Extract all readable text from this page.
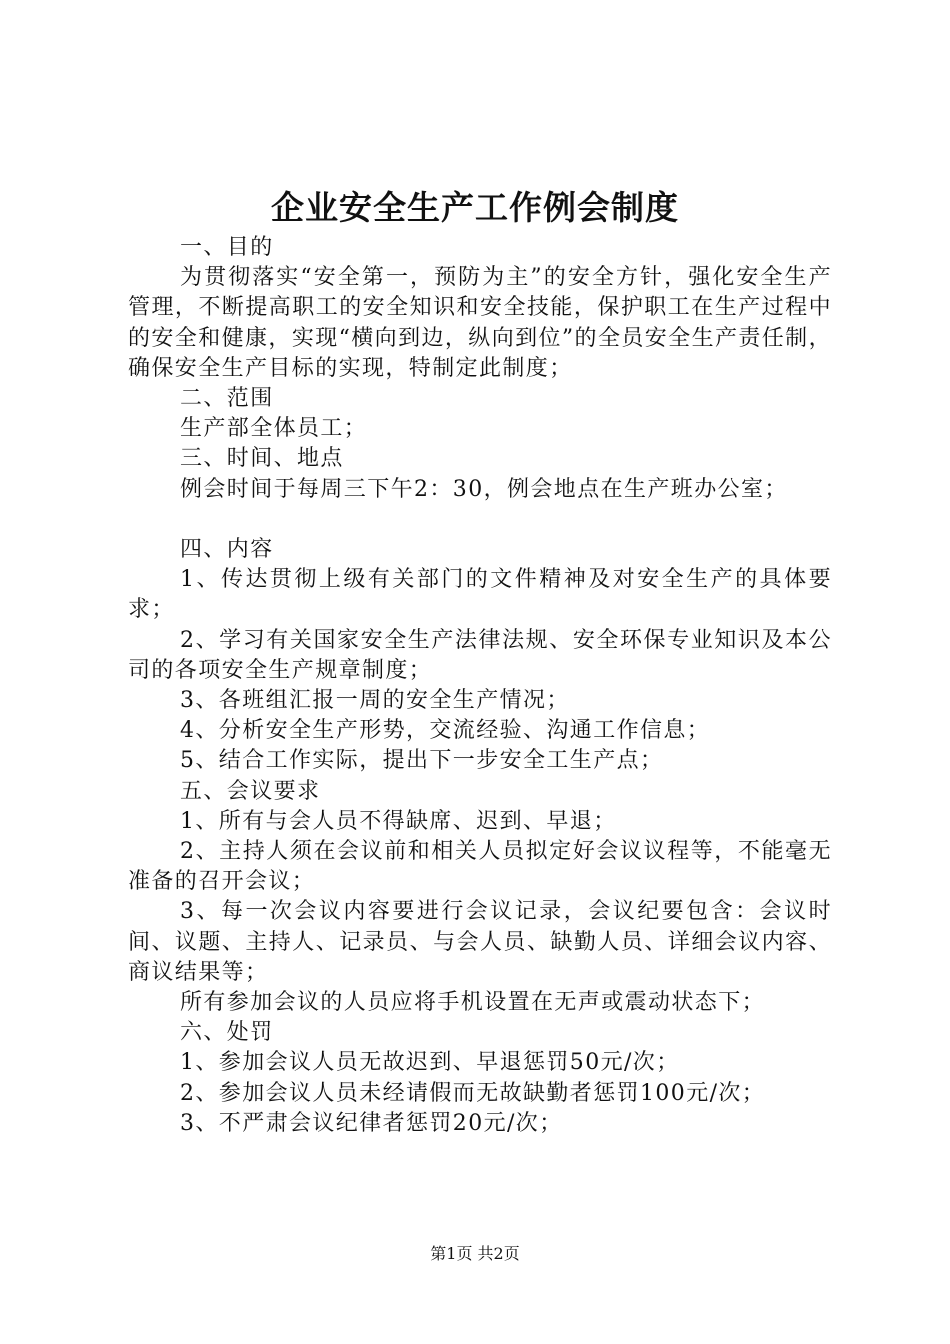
企业安全生产工作例会制度

一、目的

为贯彻落实“安全第一，预防为主”的安全方针，强化安全生产管理，不断提高职工的安全知识和安全技能，保护职工在生产过程中的安全和健康，实现“横向到边，纵向到位”的全员安全生产责任制，确保安全生产目标的实现，特制定此制度；

二、范围

生产部全体员工；

三、时间、地点

例会时间于每周三下午2：30，例会地点在生产班办公室；

四、内容

1、传达贯彻上级有关部门的文件精神及对安全生产的具体要求；

2、学习有关国家安全生产法律法规、安全环保专业知识及本公司的各项安全生产规章制度；

3、各班组汇报一周的安全生产情况；

4、分析安全生产形势，交流经验、沟通工作信息；

5、结合工作实际，提出下一步安全工生产点；

五、会议要求

1、所有与会人员不得缺席、迟到、早退；

2、主持人须在会议前和相关人员拟定好会议议程等，不能毫无准备的召开会议；

3、每一次会议内容要进行会议记录，会议纪要包含：会议时间、议题、主持人、记录员、与会人员、缺勤人员、详细会议内容、商议结果等；

所有参加会议的人员应将手机设置在无声或震动状态下；

六、处罚

1、参加会议人员无故迟到、早退惩罚50元/次；

2、参加会议人员未经请假而无故缺勤者惩罚100元/次；

3、不严肃会议纪律者惩罚20元/次；

第1页 共2页
